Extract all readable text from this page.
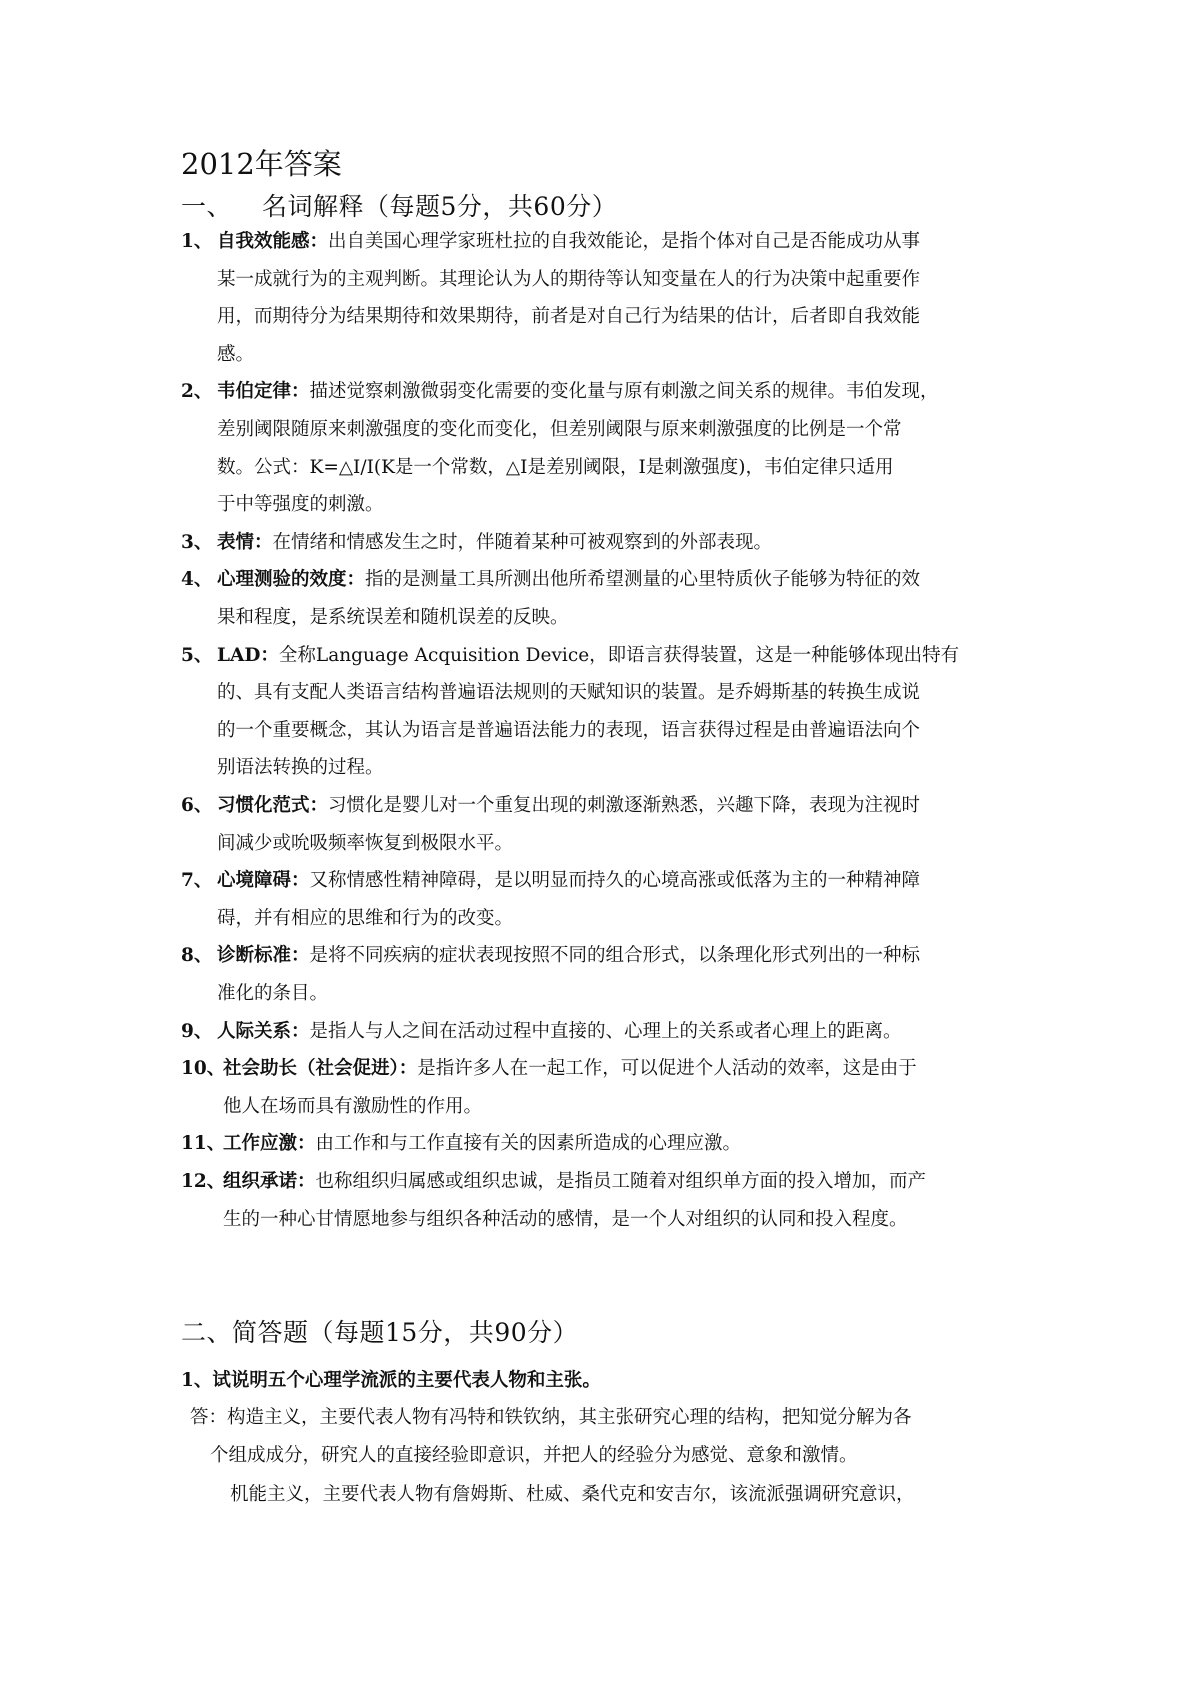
2012年答案
一、 名词解释（每题5分，共60分）
1、 自我效能感：出自美国心理学家班杜拉的自我效能论，是指个体对自己是否能成功从事
某一成就行为的主观判断。其理论认为人的期待等认知变量在人的行为决策中起重要作
用，而期待分为结果期待和效果期待，前者是对自己行为结果的估计，后者即自我效能
感。
2、 韦伯定律：描述觉察刺激微弱变化需要的变化量与原有刺激之间关系的规律。韦伯发现，
差别阈限随原来刺激强度的变化而变化，但差别阈限与原来刺激强度的比例是一个常
数。公式：K=△I/I(K是一个常数，△I是差别阈限，I是刺激强度)，韦伯定律只适用
于中等强度的刺激。
3、 表情：在情绪和情感发生之时，伴随着某种可被观察到的外部表现。
4、 心理测验的效度：指的是测量工具所测出他所希望测量的心里特质伙子能够为特征的效
果和程度，是系统误差和随机误差的反映。
5、 LAD：全称Language Acquisition Device，即语言获得装置，这是一种能够体现出特有
的、具有支配人类语言结构普遍语法规则的天赋知识的装置。是乔姆斯基的转换生成说
的一个重要概念，其认为语言是普遍语法能力的表现，语言获得过程是由普遍语法向个
别语法转换的过程。
6、 习惯化范式：习惯化是婴儿对一个重复出现的刺激逐渐熟悉，兴趣下降，表现为注视时
间减少或吮吸频率恢复到极限水平。
7、 心境障碍：又称情感性精神障碍，是以明显而持久的心境高涨或低落为主的一种精神障
碍，并有相应的思维和行为的改变。
8、 诊断标准：是将不同疾病的症状表现按照不同的组合形式，以条理化形式列出的一种标
准化的条目。
9、 人际关系：是指人与人之间在活动过程中直接的、心理上的关系或者心理上的距离。
10、
社会助长（社会促进）：是指许多人在一起工作，可以促进个人活动的效率，这是由于
他人在场而具有激励性的作用。
11、
工作应激：由工作和与工作直接有关的因素所造成的心理应激。
12、
组织承诺：也称组织归属感或组织忠诚，是指员工随着对组织单方面的投入增加，而产
生的一种心甘情愿地参与组织各种活动的感情，是一个人对组织的认同和投入程度。
二、简答题（每题15分，共90分）
1、试说明五个心理学流派的主要代表人物和主张。
答：构造主义，主要代表人物有冯特和铁钦纳，其主张研究心理的结构，把知觉分解为各
个组成成分，研究人的直接经验即意识，并把人的经验分为感觉、意象和激情。
机能主义，主要代表人物有詹姆斯、杜威、桑代克和安吉尔，该流派强调研究意识，
